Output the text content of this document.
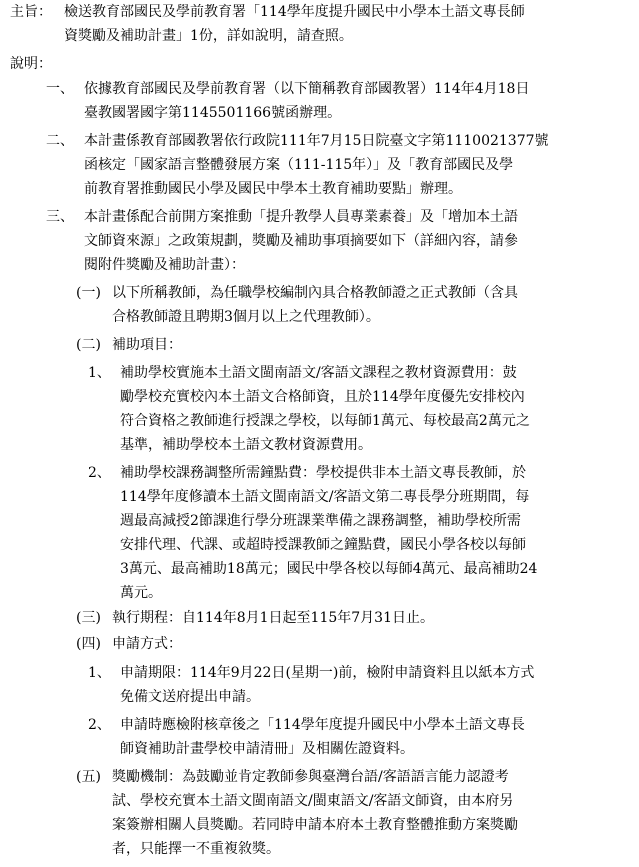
主旨： 檢送教育部國民及學前教育署「114學年度提升國民中小學本土語文專長師
資獎勵及補助計畫」1份，詳如說明，請查照。
說明：
一、 依據教育部國民及學前教育署（以下簡稱教育部國教署）114年4月18日
臺教國署國字第1145501166號函辦理。
二、 本計畫係教育部國教署依行政院111年7月15日院臺文字第1110021377號
函核定「國家語言整體發展方案（111-115年）」及「教育部國民及學
前教育署推動國民小學及國民中學本土教育補助要點」辦理。
三、 本計畫係配合前開方案推動「提升教學人員專業素養」及「增加本土語
文師資來源」之政策規劃，獎勵及補助事項摘要如下（詳細內容，請參
閱附件獎勵及補助計畫）：
(一) 以下所稱教師，為任職學校編制內具合格教師證之正式教師（含具
合格教師證且聘期3個月以上之代理教師）。
(二) 補助項目：
1、 補助學校實施本土語文閩南語文/客語文課程之教材資源費用：鼓
勵學校充實校內本土語文合格師資，且於114學年度優先安排校內
符合資格之教師進行授課之學校，以每師1萬元、每校最高2萬元之
基準，補助學校本土語文教材資源費用。
2、 補助學校課務調整所需鐘點費：學校提供非本土語文專長教師，於
114學年度修讀本土語文閩南語文/客語文第二專長學分班期間，每
週最高減授2節課進行學分班課業準備之課務調整，補助學校所需
安排代理、代課、或超時授課教師之鐘點費，國民小學各校以每師
3萬元、最高補助18萬元；國民中學各校以每師4萬元、最高補助24
萬元。
(三) 執行期程：自114年8月1日起至115年7月31日止。
(四) 申請方式：
1、 申請期限：114年9月22日(星期一)前，檢附申請資料且以紙本方式
免備文送府提出申請。
2、 申請時應檢附核章後之「114學年度提升國民中小學本土語文專長
師資補助計畫學校申請清冊」及相關佐證資料。
(五) 獎勵機制：為鼓勵並肯定教師參與臺灣台語/客語語言能力認證考
試、學校充實本土語文閩南語文/閩東語文/客語文師資，由本府另
案簽辦相關人員獎勵。若同時申請本府本土教育整體推動方案獎勵
者，只能擇一不重複敘獎。
